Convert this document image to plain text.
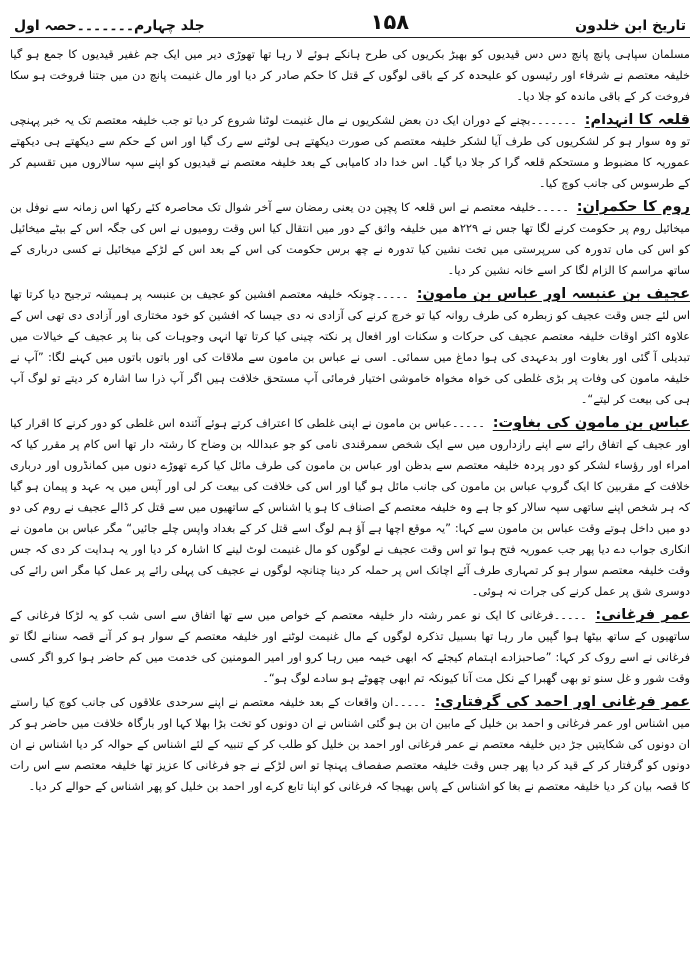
جلد چہارم۔۔۔۔۔۔۔حصہ اول	۱۵۸	تاریخ ابن خلدون

مسلمان سپاہی پانچ پانچ دس دس قیدیوں کو بھیڑ بکریوں کی طرح ہانکے ہوئے لا رہا تھا تھوڑی دیر میں ایک جم غفیر قیدیوں کا جمع ہو گیا خلیفہ معتصم نے شرفاء اور رئیسوں کو علیحدہ کر کے باقی لوگوں کے قتل کا حکم صادر کر دیا اور مال غنیمت پانچ دن میں جتنا فروخت ہو سکا فروخت کر کے باقی ماندہ کو جلا دیا۔

قلعہ کا انہدام: ۔۔۔۔۔۔۔بچنے کے دوران ایک دن بعض لشکریوں نے مال غنیمت لوٹنا شروع کر دیا تو جب خلیفہ معتصم تک یہ خبر پہنچی تو وہ سوار ہو کر لشکریوں کی طرف آیا لشکر خلیفہ معتصم کی صورت دیکھتے ہی لوٹنے سے رک گیا اور اس کے حکم سے دیکھتے ہی دیکھتے عموریہ کا مضبوط و مستحکم قلعہ گرا کر جلا دیا گیا۔ اس خدا داد کامیابی کے بعد خلیفہ معتصم نے قیدیوں کو اپنے سپہ سالاروں میں تقسیم کر کے طرسوس کی جانب کوچ کیا۔

روم کا حکمران: ۔۔۔۔۔خلیفہ معتصم نے اس قلعہ کا پچپن دن یعنی رمضان سے آخر شوال تک محاصرہ کئے رکھا اس زمانہ سے نوفل بن میخائیل روم پر حکومت کرنے لگا تھا جس نے ۲۲۹ھ میں خلیفہ واثق کے دور میں انتقال کیا اس وقت رومیوں نے اس کی جگہ اس کے بیٹے میخائیل کو اس کی ماں تدورہ کی سرپرستی میں تخت نشین کیا تدورہ نے چھ برس حکومت کی اس کے بعد اس کے لڑکے میخائیل نے کسی درباری کے ساتھ مراسم کا الزام لگا کر اسے خانہ نشین کر دیا۔

عجیف بن عنبسہ اور عباس بن مامون: ۔۔۔۔۔چونکہ خلیفہ معتصم افشین کو عجیف بن عنبسہ پر ہمیشہ ترجیح دیا کرتا تھا اس لئے جس وقت عجیف کو زبطرہ کی طرف روانہ کیا تو خرچ کرنے کی آزادی نہ دی جیسا کہ افشین کو خود مختاری اور آزادی دی تھی اس کے علاوہ اکثر اوقات خلیفہ معتصم عجیف کی حرکات و سکنات اور افعال پر نکتہ چینی کیا کرتا تھا انہی وجوہات کی بنا پر عجیف کے خیالات میں تبدیلی آ گئی اور بغاوت اور بدعہدی کی ہوا دماغ میں سمائی۔ اسی نے عباس بن مامون سے ملاقات کی اور باتوں باتوں میں کہنے لگا: ”آپ نے خلیفہ مامون کی وفات پر بڑی غلطی کی خواہ مخواہ خاموشی اختیار فرمائی آپ مستحق خلافت ہیں اگر آپ ذرا سا اشارہ کر دیتے تو لوگ آپ ہی کی بیعت کر لیتے“۔

عباس بن مامون کی بغاوت: ۔۔۔۔۔عباس بن مامون نے اپنی غلطی کا اعتراف کرتے ہوئے آئندہ اس غلطی کو دور کرنے کا اقرار کیا اور عجیف کے اتفاق رائے سے اپنے رازداروں میں سے ایک شخص سمرقندی نامی کو جو عبداللہ بن وضاح کا رشتہ دار تھا اس کام پر مقرر کیا کہ امراء اور رؤساء لشکر کو دور پردہ خلیفہ معتصم سے بدظن اور عباس بن مامون کی طرف مائل کیا کرے تھوڑے دنوں میں کمانڈروں اور درباری خلافت کے مقربین کا ایک گروپ عباس بن مامون کی جانب مائل ہو گیا اور اس کی خلافت کی بیعت کر لی اور آپس میں یہ عہد و پیمان ہو گیا کہ ہر شخص اپنے ساتھی سپہ سالار کو جا ہے وہ خلیفہ معتصم کے اصناف کا ہو یا اشناس کے ساتھیوں میں سے قتل کر ڈالے عجیف نے روم کی دو دو میں داخل ہوتے وقت عباس بن مامون سے کہا: ”یہ موقع اچھا ہے آؤ ہم لوگ اسے قتل کر کے بغداد واپس چلے جائیں“ مگر عباس بن مامون نے انکاری جواب دے دیا پھر جب عموریہ فتح ہوا تو اس وقت عجیف نے لوگوں کو مال غنیمت لوٹ لینے کا اشارہ کر دیا اور یہ ہدایت کر دی کہ جس وقت خلیفہ معتصم سوار ہو کر تمہاری طرف آئے اچانک اس پر حملہ کر دینا چنانچہ لوگوں نے عجیف کی پہلی رائے پر عمل کیا مگر اس رائے کی دوسری شق پر عمل کرنے کی جرات نہ ہوئی۔

عمر فرغانی: ۔۔۔۔۔فرغانی کا ایک نو عمر رشتہ دار خلیفہ معتصم کے خواص میں سے تھا اتفاق سے اسی شب کو یہ لڑکا فرغانی کے ساتھیوں کے ساتھ بیٹھا ہوا گپیں مار رہا تھا بسبیل تذکرہ لوگوں کے مال غنیمت لوٹنے اور خلیفہ معتصم کے سوار ہو کر آنے قصہ سنانے لگا تو فرغانی نے اسے روک کر کہا: ”صاحبزادے اہتمام کیجئے کہ ابھی خیمہ میں رہا کرو اور امیر المومنین کی خدمت میں کم حاضر ہوا کرو اگر کسی وقت شور و غل سنو تو بھی گھبرا کے نکل مت آنا کیونکہ تم ابھی چھوٹے ہو سادے لوگ ہو“۔

عمر فرغانی اور احمد کی گرفتاری: ۔۔۔۔۔ان واقعات کے بعد خلیفہ معتصم نے اپنے سرحدی علاقوں کی جانب کوچ کیا راستے میں اشناس اور عمر فرغانی و احمد بن خلیل کے مابین ان بن ہو گئی اشناس نے ان دونوں کو تخت بڑا بھلا کہا اور بارگاہ خلافت میں حاضر ہو کر ان دونوں کی شکایتیں جڑ دیں خلیفہ معتصم نے عمر فرغانی اور احمد بن خلیل کو طلب کر کے تنبیہ کے لئے اشناس کے حوالہ کر دیا اشناس نے ان دونوں کو گرفتار کر کے قید کر دیا پھر جس وقت خلیفہ معتصم صفصاف پہنچا تو اس لڑکے نے جو فرغانی کا عزیز تھا خلیفہ معتصم سے اس رات کا قصہ بیان کر دیا خلیفہ معتصم نے بغا کو اشناس کے پاس بھیجا کہ فرغانی کو اپنا تابع کرے اور احمد بن خلیل کو پھر اشناس کے حوالے کر دیا۔
